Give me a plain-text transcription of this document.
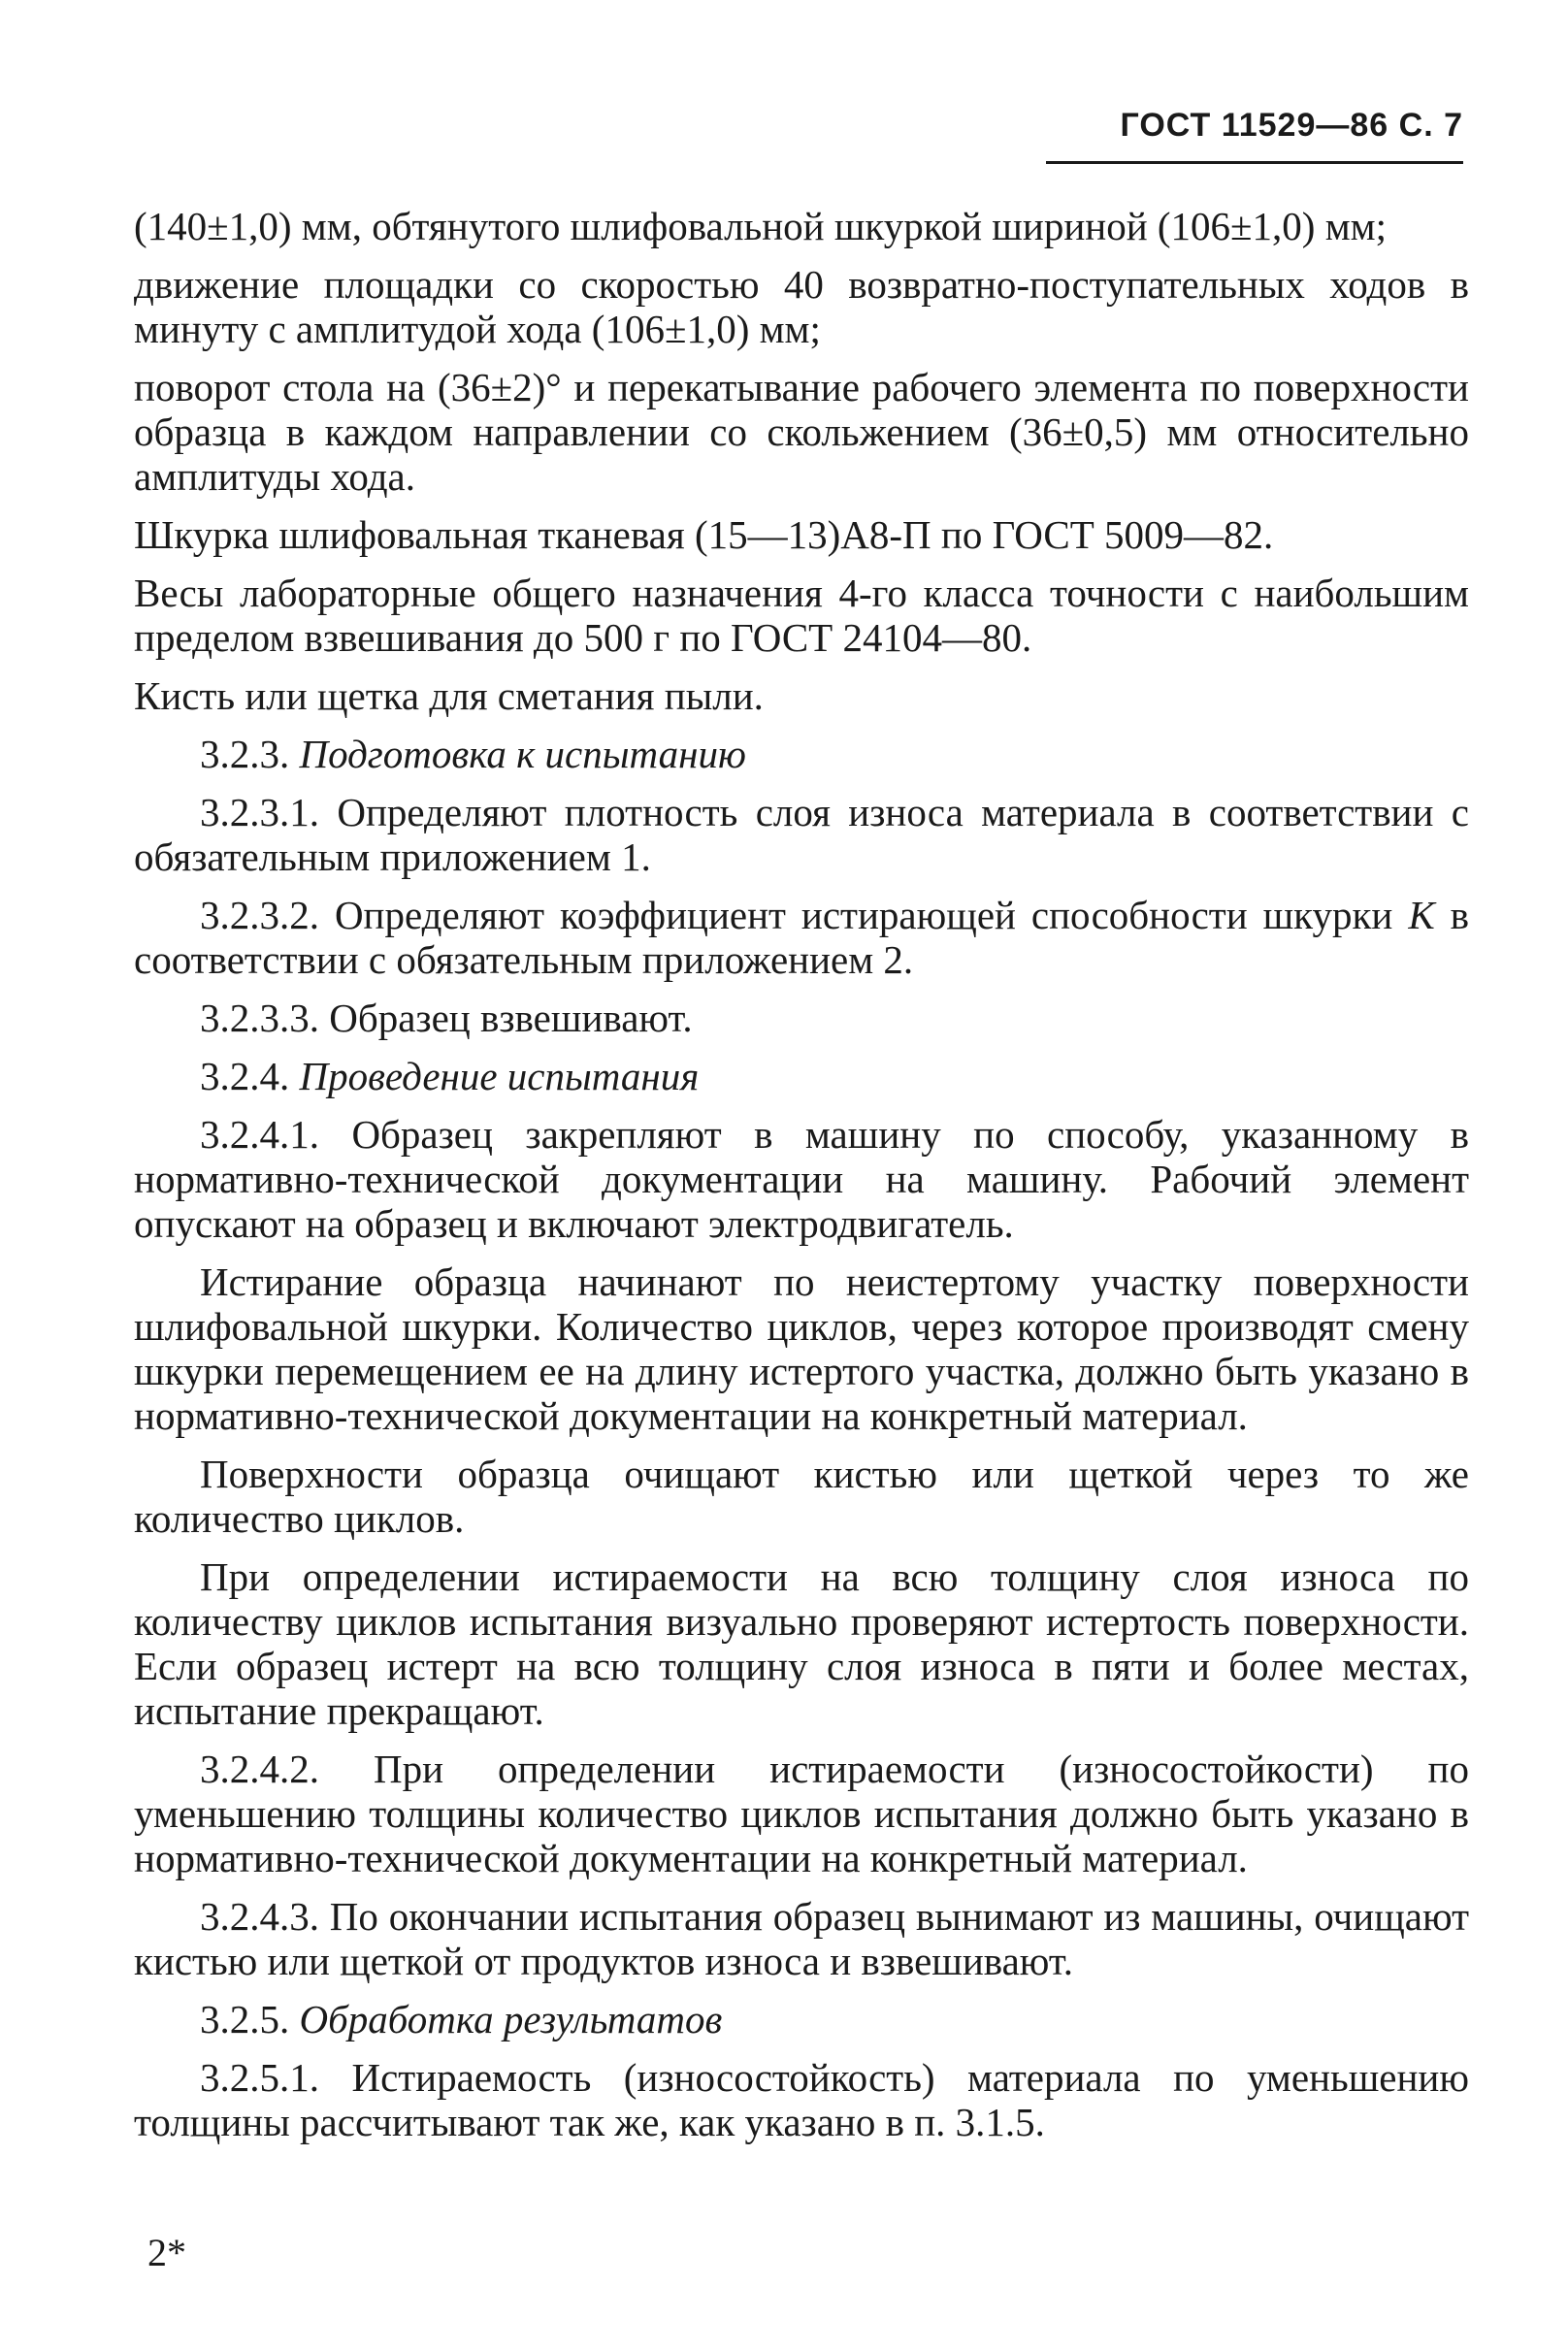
ГОСТ 11529—86 С. 7

(140±1,0) мм, обтянутого шлифовальной шкуркой шириной (106±1,0) мм;

движение площадки со скоростью 40 возвратно-поступательных ходов в минуту с амплитудой хода (106±1,0) мм;

поворот стола на (36±2)° и перекатывание рабочего элемента по поверхности образца в каждом направлении со скольжением (36±0,5) мм относительно амплитуды хода.

Шкурка шлифовальная тканевая (15—13)А8-П по ГОСТ 5009—82.

Весы лабораторные общего назначения 4-го класса точности с наибольшим пределом взвешивания до 500 г по ГОСТ 24104—80.

Кисть или щетка для сметания пыли.

3.2.3. Подготовка к испытанию

3.2.3.1. Определяют плотность слоя износа материала в соответствии с обязательным приложением 1.

3.2.3.2. Определяют коэффициент истирающей способности шкурки K в соответствии с обязательным приложением 2.

3.2.3.3. Образец взвешивают.

3.2.4. Проведение испытания

3.2.4.1. Образец закрепляют в машину по способу, указанному в нормативно-технической документации на машину. Рабочий элемент опускают на образец и включают электродвигатель.

Истирание образца начинают по неистертому участку поверхности шлифовальной шкурки. Количество циклов, через которое производят смену шкурки перемещением ее на длину истертого участка, должно быть указано в нормативно-технической документации на конкретный материал.

Поверхности образца очищают кистью или щеткой через то же количество циклов.

При определении истираемости на всю толщину слоя износа по количеству циклов испытания визуально проверяют истертость поверхности. Если образец истерт на всю толщину слоя износа в пяти и более местах, испытание прекращают.

3.2.4.2. При определении истираемости (износостойкости) по уменьшению толщины количество циклов испытания должно быть указано в нормативно-технической документации на конкретный материал.

3.2.4.3. По окончании испытания образец вынимают из машины, очищают кистью или щеткой от продуктов износа и взвешивают.

3.2.5. Обработка результатов

3.2.5.1. Истираемость (износостойкость) материала по уменьшению толщины рассчитывают так же, как указано в п. 3.1.5.

2*
